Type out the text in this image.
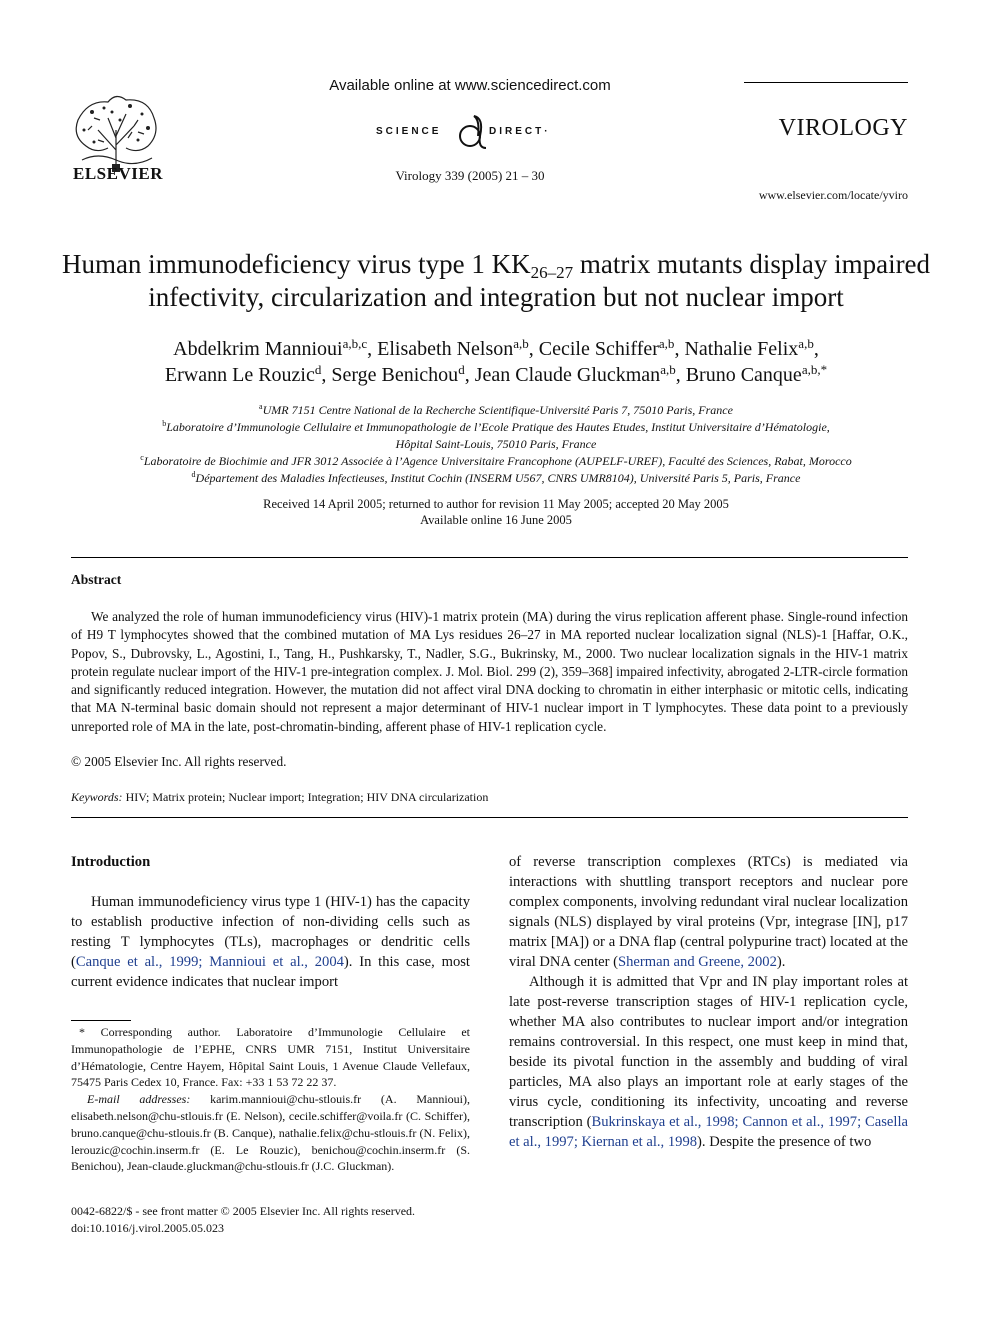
ELSEVIER
Available online at www.sciencedirect.com
SCIENCE	DIRECT·
Virology 339 (2005) 21 – 30
VIROLOGY
www.elsevier.com/locate/yviro
Human immunodeficiency virus type 1 $KK_{26-27}$ matrix mutants display impaired infectivity, circularization and integration but not nuclear import
Abdelkrim Mannioui$^{a,b,c}$, Elisabeth Nelson$^{a,b}$, Cecile Schiffer$^{a,b}$, Nathalie Felix$^{a,b}$,
Erwann Le Rouzic$^d$, Serge Benichou$^d$, Jean Claude Gluckman$^{a,b}$, Bruno Canque$^{a,b,*}$
$^a$UMR 7151 Centre National de la Recherche Scientifique-Université Paris 7, 75010 Paris, France
$^b$Laboratoire d’Immunologie Cellulaire et Immunopathologie de l’Ecole Pratique des Hautes Etudes, Institut Universitaire d’Hématologie,
Hôpital Saint-Louis, 75010 Paris, France
$^c$Laboratoire de Biochimie and JFR 3012 Associée à l’Agence Universitaire Francophone (AUPELF-UREF), Faculté des Sciences, Rabat, Morocco
$^d$Département des Maladies Infectieuses, Institut Cochin (INSERM U567, CNRS UMR8104), Université Paris 5, Paris, France
Received 14 April 2005; returned to author for revision 11 May 2005; accepted 20 May 2005
Available online 16 June 2005
Abstract
We analyzed the role of human immunodeficiency virus (HIV)-1 matrix protein (MA) during the virus replication afferent phase. Single-round infection of H9 T lymphocytes showed that the combined mutation of MA Lys residues 26–27 in MA reported nuclear localization signal (NLS)-1 [Haffar, O.K., Popov, S., Dubrovsky, L., Agostini, I., Tang, H., Pushkarsky, T., Nadler, S.G., Bukrinsky, M., 2000. Two nuclear localization signals in the HIV-1 matrix protein regulate nuclear import of the HIV-1 pre-integration complex. J. Mol. Biol. 299 (2), 359–368] impaired infectivity, abrogated 2-LTR-circle formation and significantly reduced integration. However, the mutation did not affect viral DNA docking to chromatin in either interphasic or mitotic cells, indicating that MA N-terminal basic domain should not represent a major determinant of HIV-1 nuclear import in T lymphocytes. These data point to a previously unreported role of MA in the late, post-chromatin-binding, afferent phase of HIV-1 replication cycle.
© 2005 Elsevier Inc. All rights reserved.
Keywords: HIV; Matrix protein; Nuclear import; Integration; HIV DNA circularization
Introduction
Human immunodeficiency virus type 1 (HIV-1) has the capacity to establish productive infection of non-dividing cells such as resting T lymphocytes (TLs), macrophages or dendritic cells (Canque et al., 1999; Mannioui et al., 2004). In this case, most current evidence indicates that nuclear import

of reverse transcription complexes (RTCs) is mediated via interactions with shuttling transport receptors and nuclear pore complex components, involving redundant viral nuclear localization signals (NLS) displayed by viral proteins (Vpr, integrase [IN], p17 matrix [MA]) or a DNA flap (central polypurine tract) located at the viral DNA center (Sherman and Greene, 2002).

Although it is admitted that Vpr and IN play important roles at late post-reverse transcription stages of HIV-1 replication cycle, whether MA also contributes to nuclear import and/or integration remains controversial. In this respect, one must keep in mind that, beside its pivotal function in the assembly and budding of viral particles, MA also plays an important role at early stages of the virus cycle, conditioning its infectivity, uncoating and reverse transcription (Bukrinskaya et al., 1998; Cannon et al., 1997; Casella et al., 1997; Kiernan et al., 1998). Despite the presence of two

* Corresponding author. Laboratoire d’Immunologie Cellulaire et Immunopathologie de l’EPHE, CNRS UMR 7151, Institut Universitaire d’Hématologie, Centre Hayem, Hôpital Saint Louis, 1 Avenue Claude Vellefaux, 75475 Paris Cedex 10, France. Fax: +33 1 53 72 22 37.

E-mail addresses: karim.mannioui@chu-stlouis.fr (A. Mannioui), elisabeth.nelson@chu-stlouis.fr (E. Nelson), cecile.schiffer@voila.fr (C. Schiffer), bruno.canque@chu-stlouis.fr (B. Canque), nathalie.felix@chu-stlouis.fr (N. Felix), lerouzic@cochin.inserm.fr (E. Le Rouzic), benichou@cochin.inserm.fr (S. Benichou), Jean-claude.gluckman@chu-stlouis.fr (J.C. Gluckman).

0042-6822/$ - see front matter © 2005 Elsevier Inc. All rights reserved.
doi:10.1016/j.virol.2005.05.023
